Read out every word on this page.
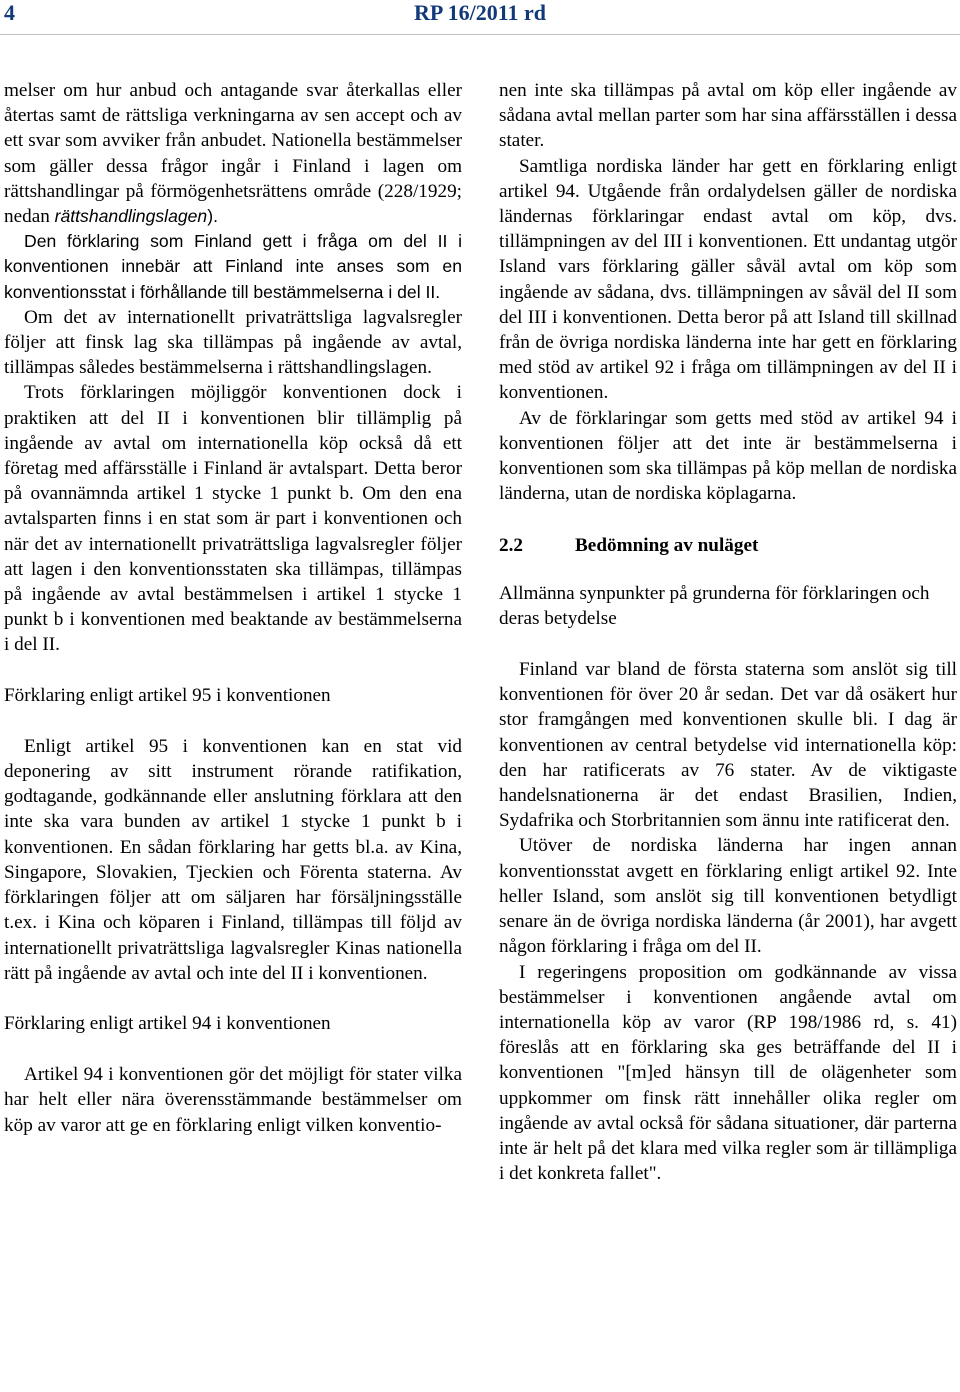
4	RP 16/2011 rd

melser om hur anbud och antagande svar återkallas eller återtas samt de rättsliga verkningarna av sen accept och av ett svar som avviker från anbudet. Nationella bestämmelser som gäller dessa frågor ingår i Finland i lagen om rättshandlingar på förmögenhetsrättens område (228/1929; nedan rättshandlingslagen).

Den förklaring som Finland gett i fråga om del II i konventionen innebär att Finland inte anses som en konventionsstat i förhållande till bestämmelserna i del II.

Om det av internationellt privaträttsliga lagvalsregler följer att finsk lag ska tillämpas på ingående av avtal, tillämpas således bestämmelserna i rättshandlingslagen.

Trots förklaringen möjliggör konventionen dock i praktiken att del II i konventionen blir tillämplig på ingående av avtal om internationella köp också då ett företag med affärsställe i Finland är avtalspart. Detta beror på ovannämnda artikel 1 stycke 1 punkt b. Om den ena avtalsparten finns i en stat som är part i konventionen och när det av internationellt privaträttsliga lagvalsregler följer att lagen i den konventionsstaten ska tillämpas, tillämpas på ingående av avtal bestämmelsen i artikel 1 stycke 1 punkt b i konventionen med beaktande av bestämmelserna i del II.

Förklaring enligt artikel 95 i konventionen

Enligt artikel 95 i konventionen kan en stat vid deponering av sitt instrument rörande ratifikation, godtagande, godkännande eller anslutning förklara att den inte ska vara bunden av artikel 1 stycke 1 punkt b i konventionen. En sådan förklaring har getts bl.a. av Kina, Singapore, Slovakien, Tjeckien och Förenta staterna. Av förklaringen följer att om säljaren har försäljningsställe t.ex. i Kina och köparen i Finland, tillämpas till följd av internationellt privaträttsliga lagvalsregler Kinas nationella rätt på ingående av avtal och inte del II i konventionen.

Förklaring enligt artikel 94 i konventionen

Artikel 94 i konventionen gör det möjligt för stater vilka har helt eller nära överensstämmande bestämmelser om köp av varor att ge en förklaring enligt vilken konventio-

nen inte ska tillämpas på avtal om köp eller ingående av sådana avtal mellan parter som har sina affärsställen i dessa stater.

Samtliga nordiska länder har gett en förklaring enligt artikel 94. Utgående från ordalydelsen gäller de nordiska ländernas förklaringar endast avtal om köp, dvs. tillämpningen av del III i konventionen. Ett undantag utgör Island vars förklaring gäller såväl avtal om köp som ingående av sådana, dvs. tillämpningen av såväl del II som del III i konventionen. Detta beror på att Island till skillnad från de övriga nordiska länderna inte har gett en förklaring med stöd av artikel 92 i fråga om tillämpningen av del II i konventionen.

Av de förklaringar som getts med stöd av artikel 94 i konventionen följer att det inte är bestämmelserna i konventionen som ska tillämpas på köp mellan de nordiska länderna, utan de nordiska köplagarna.

2.2	Bedömning av nuläget

Allmänna synpunkter på grunderna för förklaringen och deras betydelse

Finland var bland de första staterna som anslöt sig till konventionen för över 20 år sedan. Det var då osäkert hur stor framgången med konventionen skulle bli. I dag är konventionen av central betydelse vid internationella köp: den har ratificerats av 76 stater. Av de viktigaste handelsnationerna är det endast Brasilien, Indien, Sydafrika och Storbritannien som ännu inte ratificerat den.

Utöver de nordiska länderna har ingen annan konventionsstat avgett en förklaring enligt artikel 92. Inte heller Island, som anslöt sig till konventionen betydligt senare än de övriga nordiska länderna (år 2001), har avgett någon förklaring i fråga om del II.

I regeringens proposition om godkännande av vissa bestämmelser i konventionen angående avtal om internationella köp av varor (RP 198/1986 rd, s. 41) föreslås att en förklaring ska ges beträffande del II i konventionen "[m]ed hänsyn till de olägenheter som uppkommer om finsk rätt innehåller olika regler om ingående av avtal också för sådana situationer, där parterna inte är helt på det klara med vilka regler som är tillämpliga i det konkreta fallet".
